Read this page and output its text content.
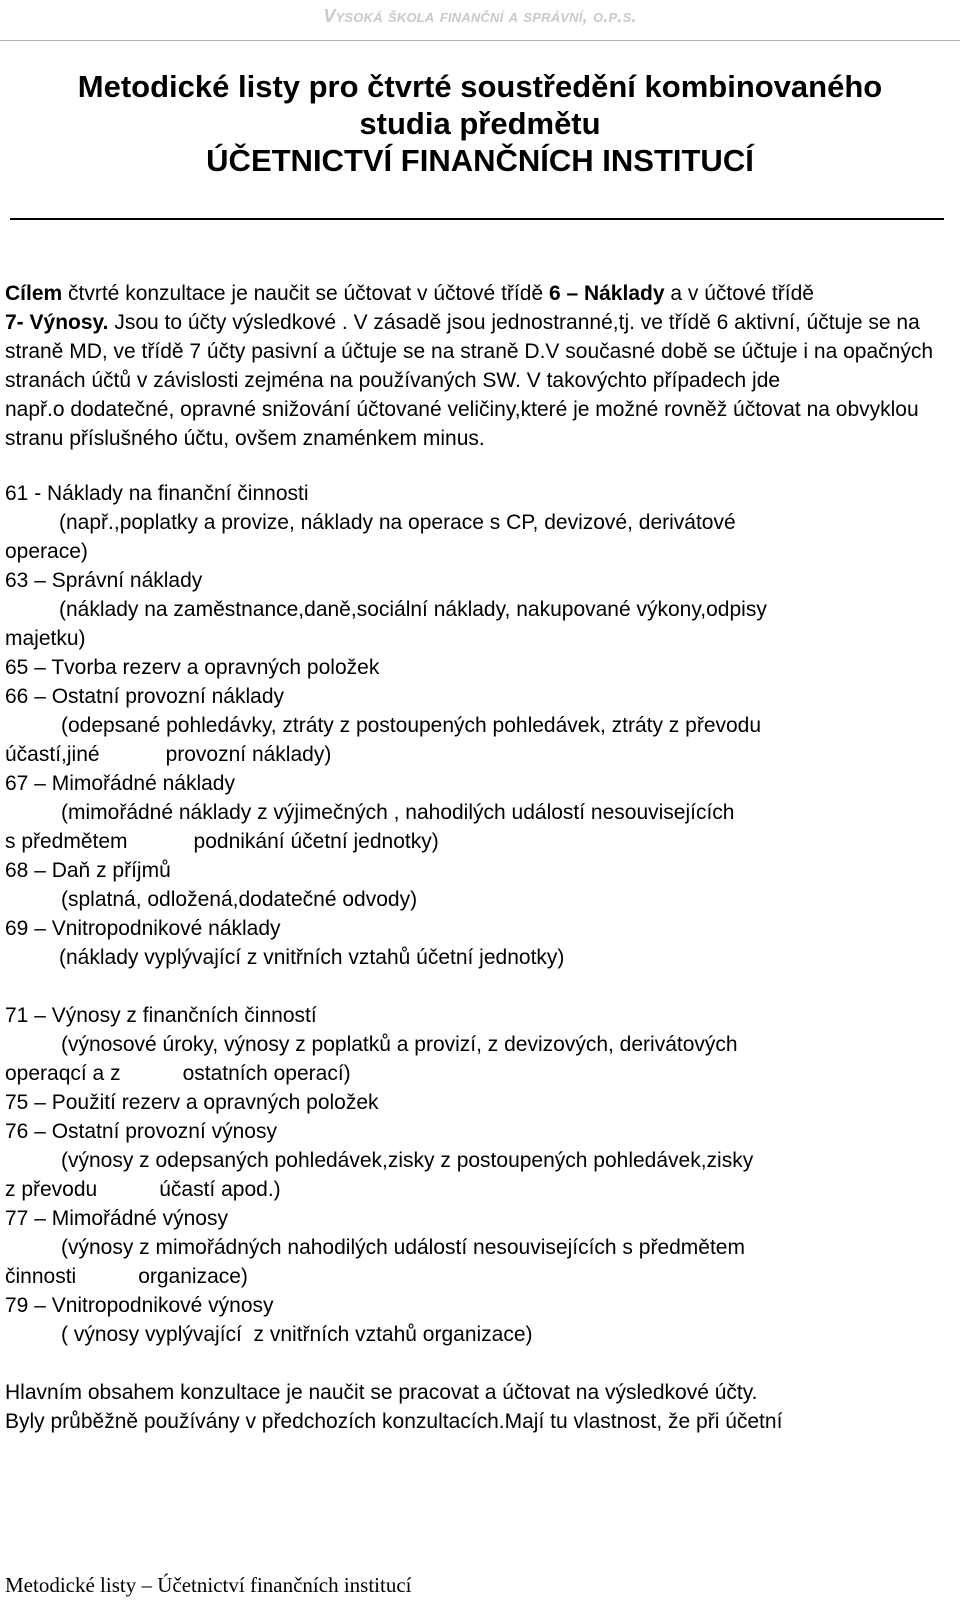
Vysoká škola finanční a správní, o.p.s.
Metodické listy pro čtvrté soustředění kombinovaného
studia předmětu
ÚČETNICTVÍ FINANČNÍCH INSTITUCÍ

Cílem čtvrté konzultace je naučit se účtovat v účtové třídě 6 – Náklady a v účtové třídě
7- Výnosy. Jsou to účty výsledkové . V zásadě jsou jednostranné,tj. ve třídě 6 aktivní, účtuje se na straně MD, ve třídě 7 účty pasivní a účtuje se na straně D.V současné době se účtuje i na opačných stranách účtů v závislosti zejména na používaných SW. V takovýchto případech jde
např.o dodatečné, opravné snižování účtované veličiny,které je možné rovněž účtovat na obvyklou stranu příslušného účtu, ovšem znaménkem minus.

61 - Náklady na finanční činnosti

(např.,poplatky a provize, náklady na operace s CP, devizové, derivátové

operace)

63 – Správní náklady

(náklady na zaměstnance,daně,sociální náklady, nakupované výkony,odpisy

majetku)

65 – Tvorba rezerv a opravných položek

66 – Ostatní provozní náklady

(odepsané pohledávky, ztráty z postoupených pohledávek, ztráty z převodu

účastí,jiné	provozní náklady)

67 – Mimořádné náklady

(mimořádné náklady z výjimečných , nahodilých událostí nesouvisejících

s předmětem	podnikání účetní jednotky)

68 – Daň z příjmů

(splatná, odložená,dodatečné odvody)

69 – Vnitropodnikové náklady

(náklady vyplývající z vnitřních vztahů účetní jednotky)

71 – Výnosy z finančních činností

(výnosové úroky, výnosy z poplatků a provizí, z devizových, derivátových

operaqcí a z	ostatních operací)

75 – Použití rezerv a opravných položek

76 – Ostatní provozní výnosy

(výnosy z odepsaných pohledávek,zisky z postoupených pohledávek,zisky

z převodu	účastí apod.)

77 – Mimořádné výnosy

(výnosy z mimořádných nahodilých událostí nesouvisejících s předmětem

činnosti	organizace)

79 – Vnitropodnikové výnosy

( výnosy vyplývající  z vnitřních vztahů organizace)

Hlavním obsahem konzultace je naučit se pracovat a účtovat na výsledkové účty.

Byly průběžně používány v předchozích konzultacích.Mají tu vlastnost, že při účetní

Metodické listy – Účetnictví finančních institucí
